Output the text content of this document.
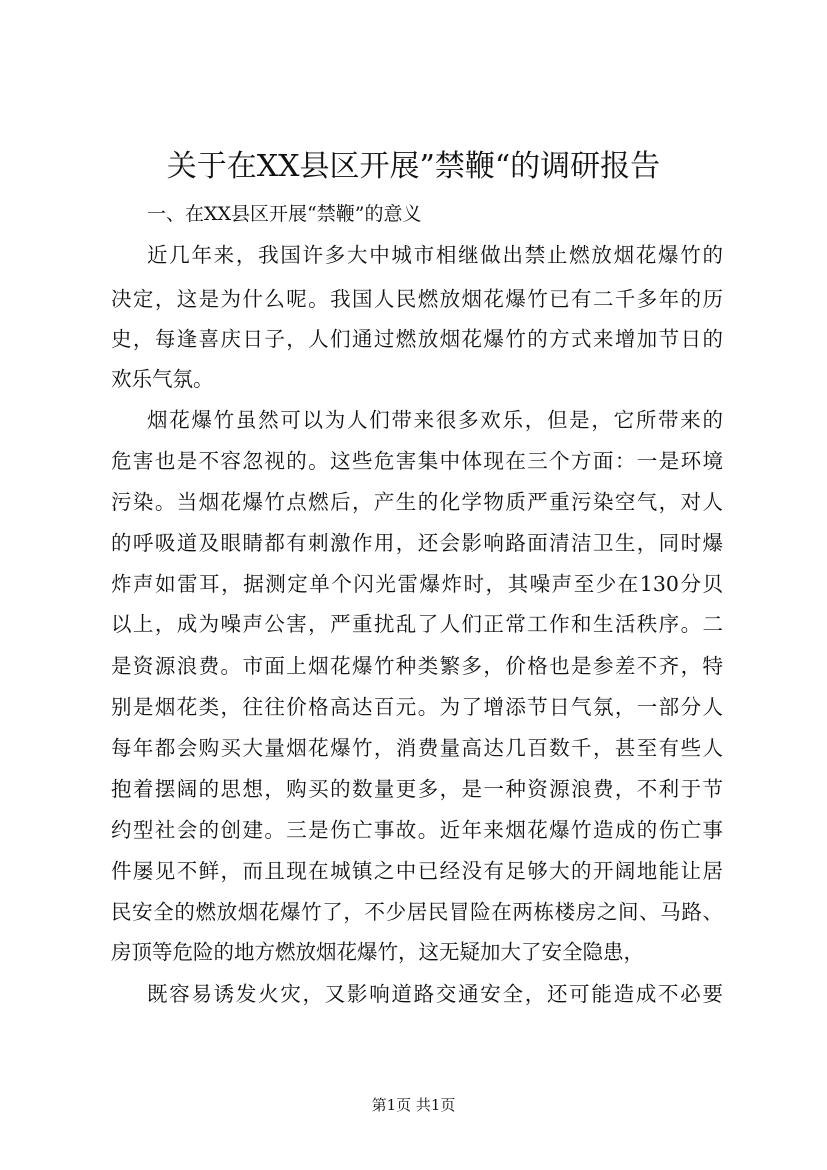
关于在XX县区开展”禁鞭“的调研报告
一、在XX县区开展“禁鞭”的意义
近几年来，我国许多大中城市相继做出禁止燃放烟花爆竹的
决定，这是为什么呢。我国人民燃放烟花爆竹已有二千多年的历
史，每逢喜庆日子，人们通过燃放烟花爆竹的方式来增加节日的
欢乐气氛。
烟花爆竹虽然可以为人们带来很多欢乐，但是，它所带来的
危害也是不容忽视的。这些危害集中体现在三个方面：一是环境
污染。当烟花爆竹点燃后，产生的化学物质严重污染空气，对人
的呼吸道及眼睛都有刺激作用，还会影响路面清洁卫生，同时爆
炸声如雷耳，据测定单个闪光雷爆炸时，其噪声至少在130分贝
以上，成为噪声公害，严重扰乱了人们正常工作和生活秩序。二
是资源浪费。市面上烟花爆竹种类繁多，价格也是参差不齐，特
别是烟花类，往往价格高达百元。为了增添节日气氛，一部分人
每年都会购买大量烟花爆竹，消费量高达几百数千，甚至有些人
抱着摆阔的思想，购买的数量更多，是一种资源浪费，不利于节
约型社会的创建。三是伤亡事故。近年来烟花爆竹造成的伤亡事
件屡见不鲜，而且现在城镇之中已经没有足够大的开阔地能让居
民安全的燃放烟花爆竹了，不少居民冒险在两栋楼房之间、马路、
房顶等危险的地方燃放烟花爆竹，这无疑加大了安全隐患，
既容易诱发火灾，又影响道路交通安全，还可能造成不必要
第1页 共1页
